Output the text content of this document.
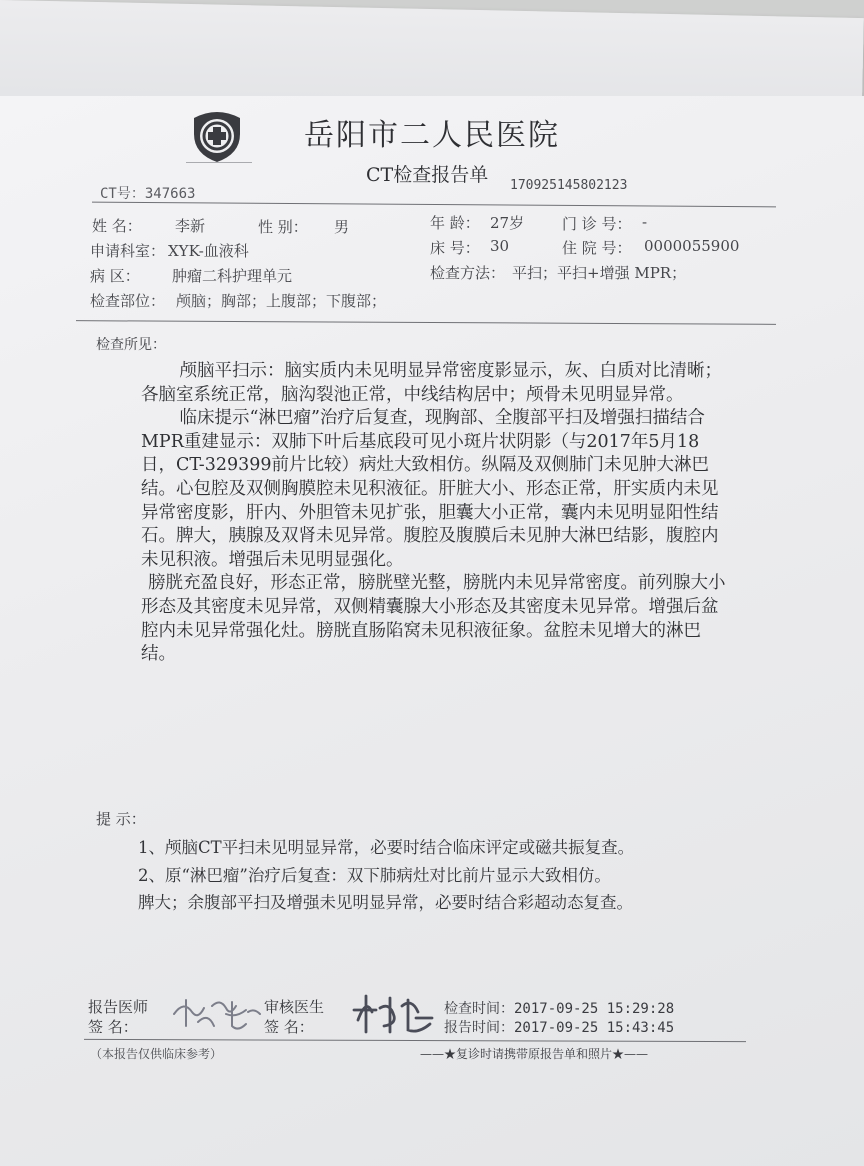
岳阳市二人民医院
CT检查报告单
CT号：347663
170925145802123
姓 名： 李新	性 别： 男	年 龄： 27岁	门 诊 号： -
申请科室： XYK-血液科	床 号： 30	住 院 号： 0000055900
病 区： 肿瘤二科护理单元	检查方法： 平扫；平扫+增强 MPR；
检查部位： 颅脑；胸部；上腹部；下腹部；
检查所见：

颅脑平扫示：脑实质内未见明显异常密度影显示，灰、白质对比清晰；各脑室系统正常，脑沟裂池正常，中线结构居中；颅骨未见明显异常。

临床提示“淋巴瘤”治疗后复查，现胸部、全腹部平扫及增强扫描结合MPR重建显示：双肺下叶后基底段可见小斑片状阴影（与2017年5月18日，CT-329399前片比较）病灶大致相仿。纵隔及双侧肺门未见肿大淋巴结。心包腔及双侧胸膜腔未见积液征。肝脏大小、形态正常，肝实质内未见异常密度影，肝内、外胆管未见扩张，胆囊大小正常，囊内未见明显阳性结石。脾大，胰腺及双肾未见异常。腹腔及腹膜后未见肿大淋巴结影，腹腔内未见积液。增强后未见明显强化。

膀胱充盈良好，形态正常，膀胱壁光整，膀胱内未见异常密度。前列腺大小形态及其密度未见异常，双侧精囊腺大小形态及其密度未见异常。增强后盆腔内未见异常强化灶。膀胱直肠陷窝未见积液征象。盆腔未见增大的淋巴结。

提 示：
1、颅脑CT平扫未见明显异常，必要时结合临床评定或磁共振复查。
2、原“淋巴瘤”治疗后复查：双下肺病灶对比前片显示大致相仿。
脾大；余腹部平扫及增强未见明显异常，必要时结合彩超动态复查。
报告医师
签 名：
审核医生
签 名：
检查时间：2017-09-25 15:29:28
报告时间：2017-09-25 15:43:45
（本报告仅供临床参考）	——★复诊时请携带原报告单和照片★——
